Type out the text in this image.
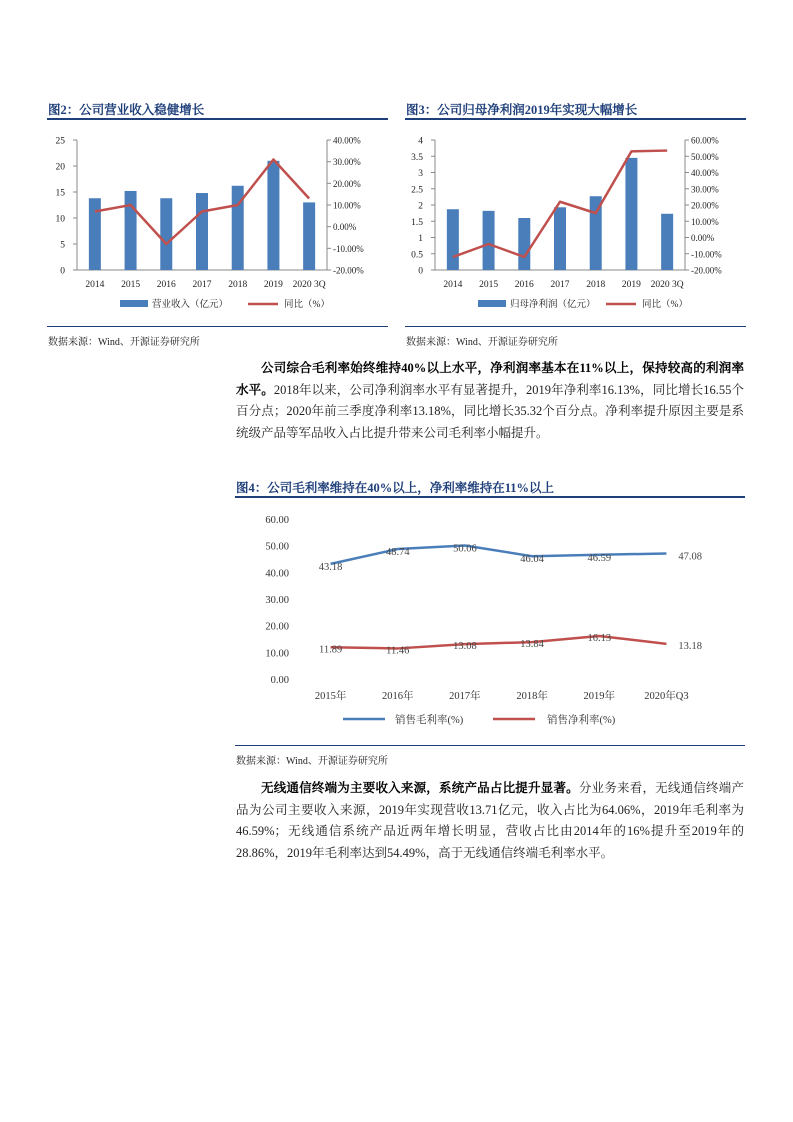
图2：公司营业收入稳健增长
0
5
10
15
20
25
-20.00%
-10.00%
0.00%
10.00%
20.00%
30.00%
40.00%
2014 2015 2016 2017 2018 2019 2020 3Q
营业收入（亿元）	同比（%）
数据来源：Wind、开源证券研究所
图3：公司归母净利润2019年实现大幅增长
0
0.5
1
1.5
2
2.5
3
3.5
4
-20.00%
-10.00%
0.00%
10.00%
20.00%
30.00%
40.00%
50.00%
60.00%
2014 2015 2016 2017 2018 2019 2020 3Q
归母净利润（亿元）	同比（%）
数据来源：Wind、开源证券研究所
公司综合毛利率始终维持40%以上水平，净利润率基本在11%以上，保持较高的利润率水平。2018年以来，公司净利润率水平有显著提升，2019年净利率16.13%，同比增长16.55个百分点；2020年前三季度净利率13.18%，同比增长35.32个百分点。净利率提升原因主要是系统级产品等军品收入占比提升带来公司毛利率小幅提升。
图4：公司毛利率维持在40%以上，净利率维持在11%以上
0.00
10.00
20.00
30.00
40.00
50.00
60.00
2015年	2016年	2017年	2018年	2019年	2020年Q3
43.18
48.74	50.06
46.04	46.59	47.08
11.89	11.46	13.08	13.84
16.13
13.18
销售毛利率(%)	销售净利率(%)
数据来源：Wind、开源证券研究所
无线通信终端为主要收入来源，系统产品占比提升显著。分业务来看，无线通信终端产品为公司主要收入来源，2019年实现营收13.71亿元，收入占比为64.06%，2019年毛利率为46.59%；无线通信系统产品近两年增长明显，营收占比由2014年的16%提升至2019年的28.86%，2019年毛利率达到54.49%，高于无线通信终端毛利率水平。
